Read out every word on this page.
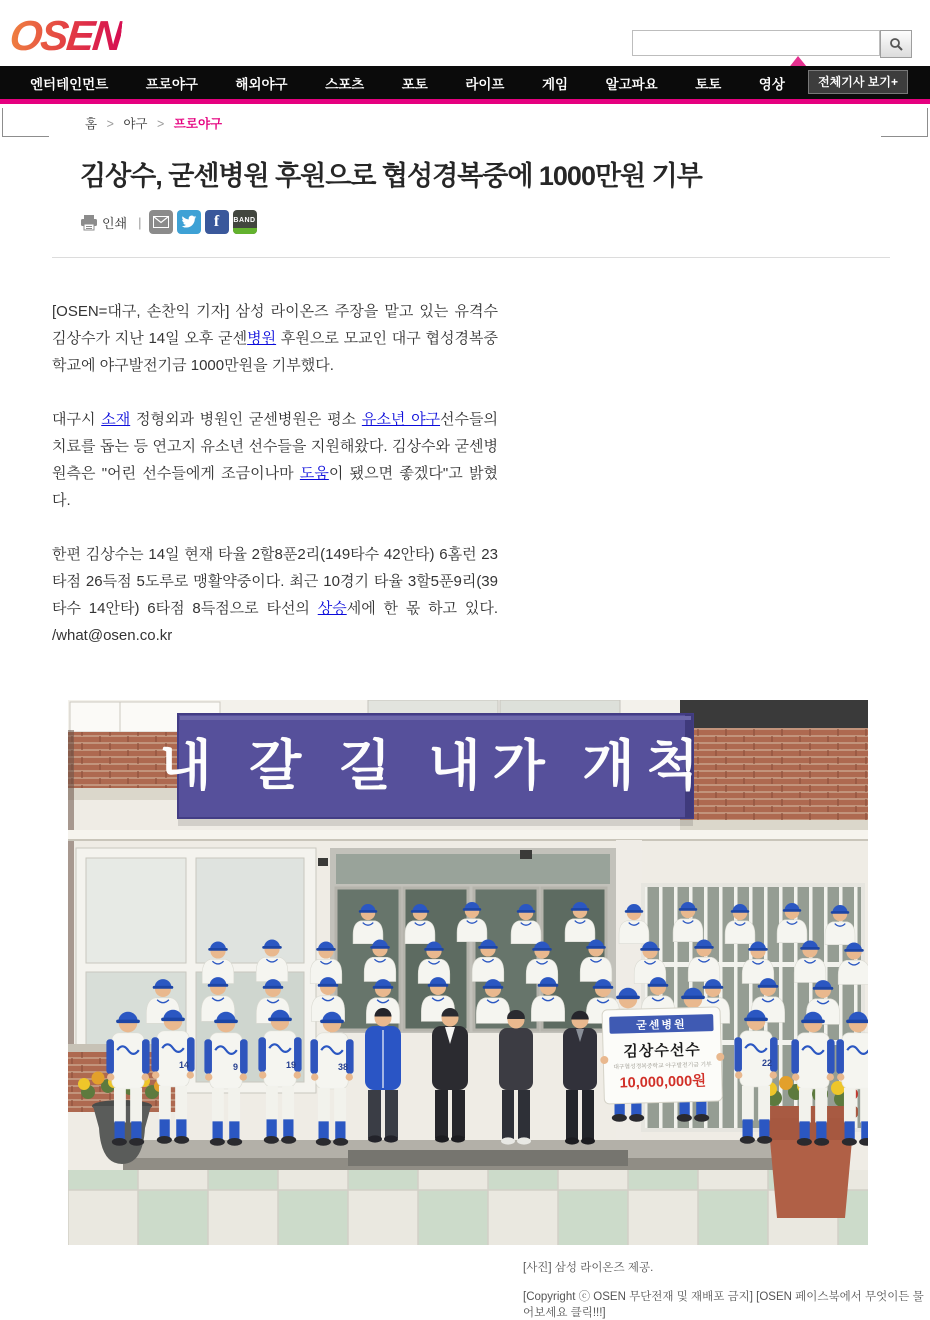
OSEN
엔터테인먼트	프로야구	해외야구	스포츠	포토	라이프	게임	알고파요	토토	영상	전체기사 보기+
홈 > 야구 > 프로야구
김상수, 굳센병원 후원으로 협성경복중에 1000만원 기부
인쇄 |	f	BAND

[OSEN=대구, 손찬익 기자] 삼성 라이온즈 주장을 맡고 있는 유격수 김상수가 지난 14일 오후 굳센병원 후원으로 모교인 대구 협성경복중학교에 야구발전기금 1000만원을 기부했다.

대구시 소재 정형외과 병원인 굳센병원은 평소 유소년 야구선수들의 치료를 돕는 등 연고지 유소년 선수들을 지원해왔다. 김상수와 굳센병원측은 "어린 선수들에게 조금이나마 도움이 됐으면 좋겠다"고 밝혔다.

한편 김상수는 14일 현재 타율 2할8푼2리(149타수 42안타) 6홈런 23타점 26득점 5도루로 맹활약중이다. 최근 10경기 타율 3할5푼9리(39타수 14안타) 6타점 8득점으로 타선의 상승세에 한 몫 하고 있다. /what@osen.co.kr

내 갈 길 내가 개척
14	9	19	38	22
굳센병원
김상수선수
대구협성경복중학교 야구발전기금 기부
10,000,000원
[사진] 삼성 라이온즈 제공.
[Copyright ⓒ OSEN 무단전재 및 재배포 금지] [OSEN 페이스북에서 무엇이든 물어보세요 클릭!!!]
